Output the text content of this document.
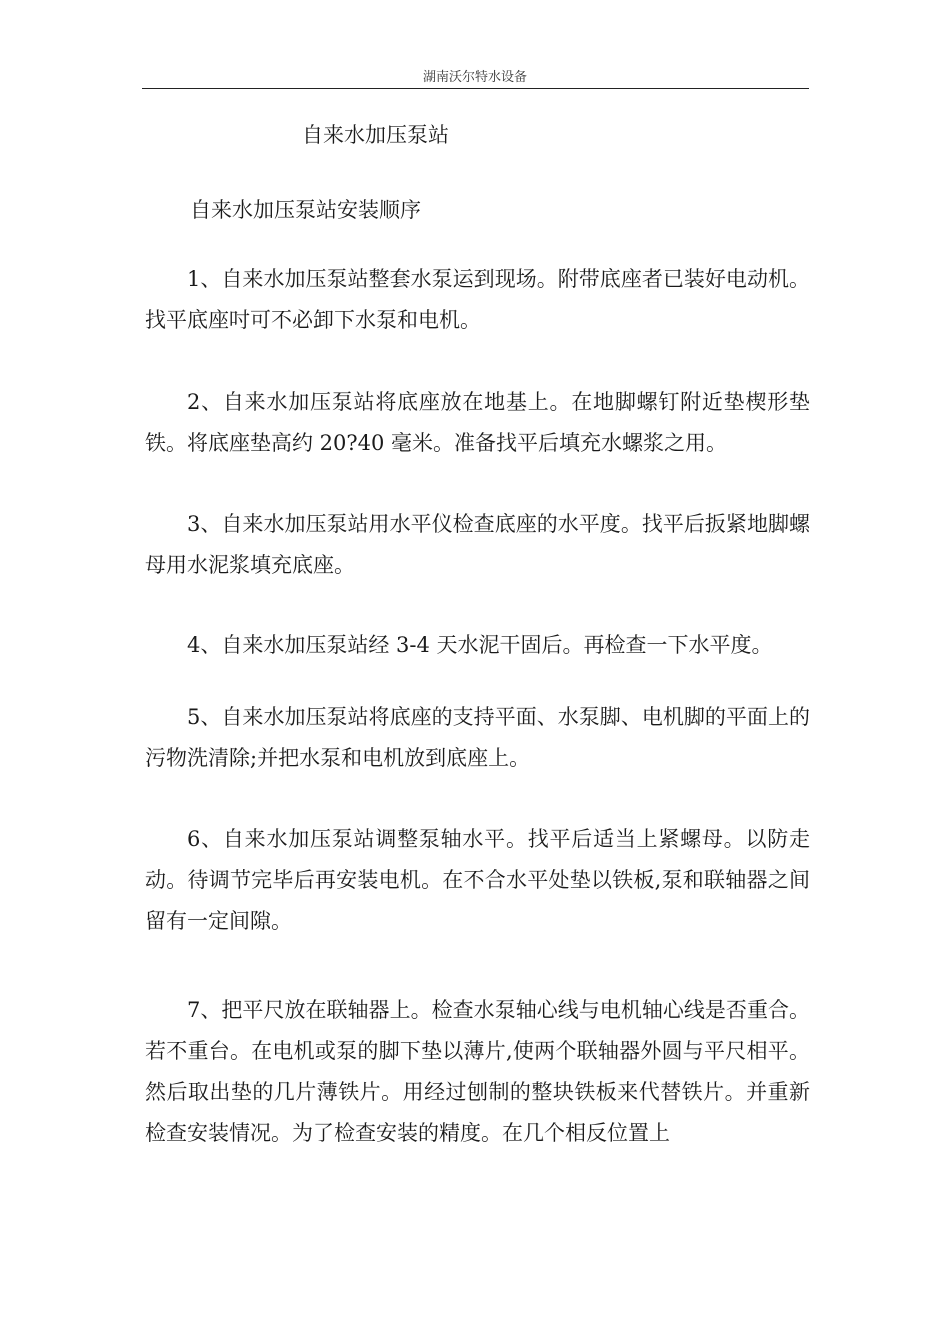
湖南沃尔特水设备
自来水加压泵站
自来水加压泵站安装顺序

1、自来水加压泵站整套水泵运到现场。附带底座者已装好电动机。找平底座吋可不必卸下水泵和电机。

2、自来水加压泵站将底座放在地基上。在地脚螺钉附近垫楔形垫铁。将底座垫高约 20?40 毫米。准备找平后填充水螺浆之用。

3、自来水加压泵站用水平仪检查底座的水平度。找平后扳紧地脚螺母用水泥浆填充底座。

4、自来水加压泵站经 3-4 天水泥干固后。再检查一下水平度。

5、自来水加压泵站将底座的支持平面、水泵脚、电机脚的平面上的污物洗清除;并把水泵和电机放到底座上。

6、自来水加压泵站调整泵轴水平。找平后适当上紧螺母。以防走动。待调节完毕后再安装电机。在不合水平处垫以铁板,泵和联轴器之间留有一定间隙。

7、把平尺放在联轴器上。检查水泵轴心线与电机轴心线是否重合。若不重台。在电机或泵的脚下垫以薄片,使两个联轴器外圆与平尺相平。然后取出垫的几片薄铁片。用经过刨制的整块铁板来代替铁片。并重新检查安装情况。为了检查安装的精度。在几个相反位置上
